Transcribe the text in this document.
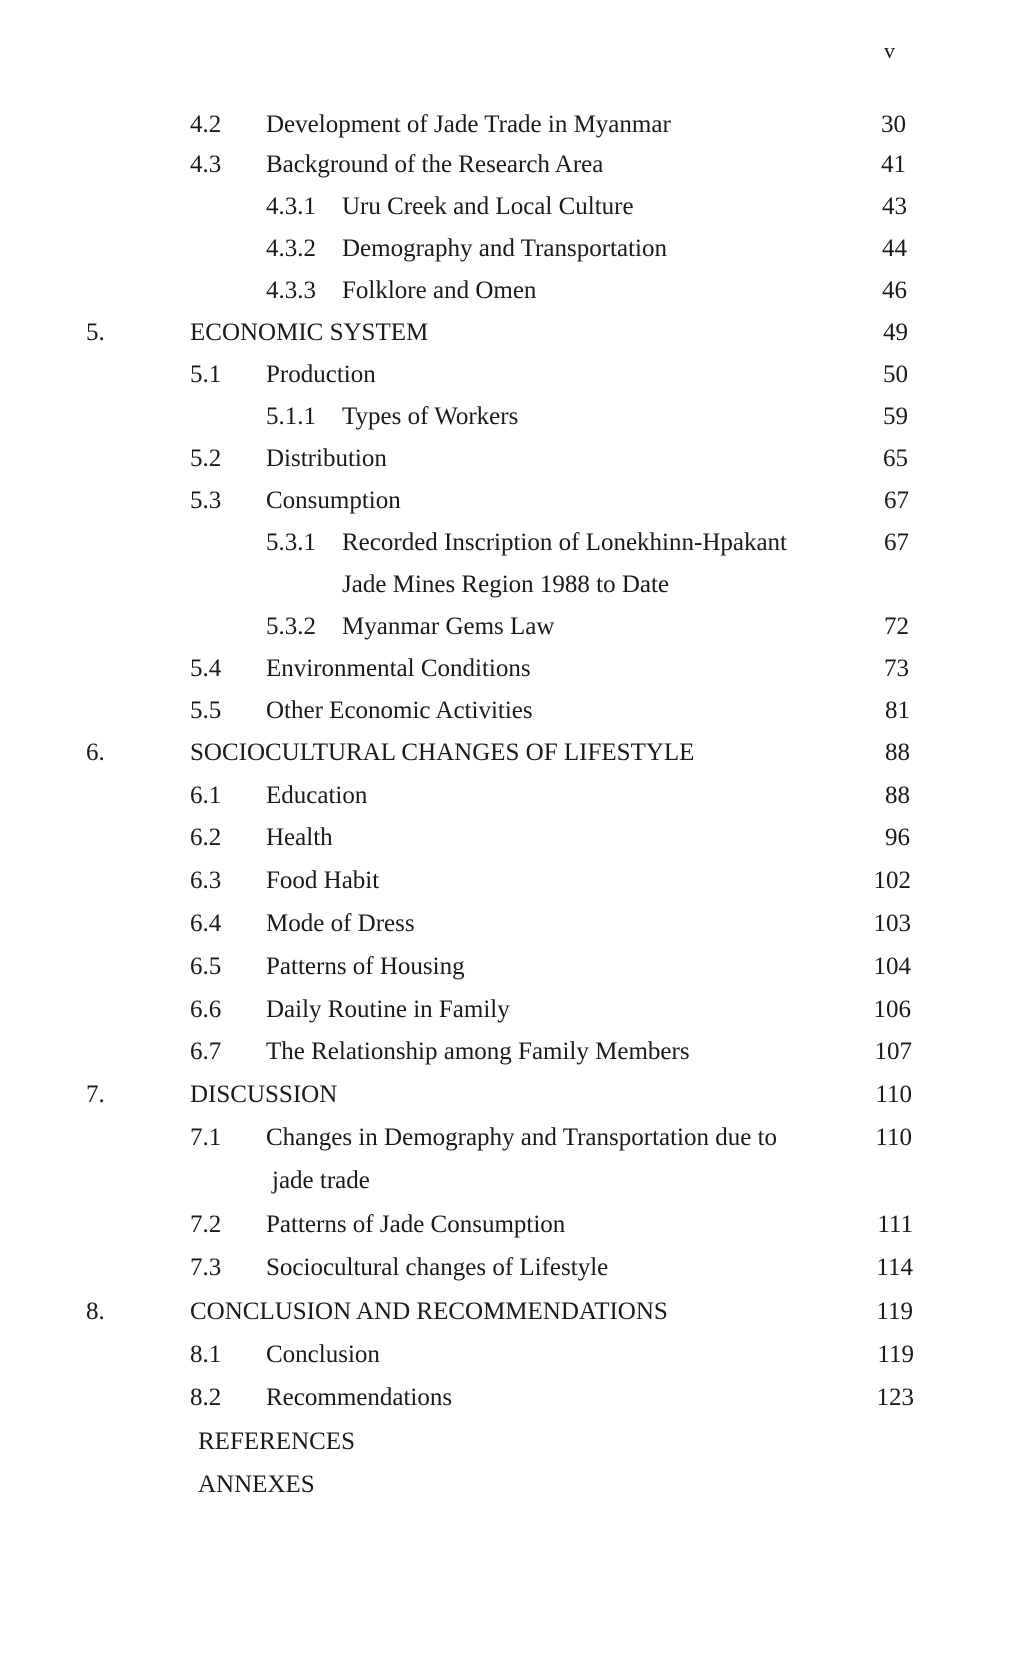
v
4.2 Development of Jade Trade in Myanmar	30
4.3 Background of the Research Area	41
4.3.1 Uru Creek and Local Culture	43
4.3.2 Demography and Transportation	44
4.3.3 Folklore and Omen	46
5.	ECONOMIC SYSTEM	49
5.1 Production	50
5.1.1 Types of Workers	59
5.2 Distribution	65
5.3 Consumption	67
5.3.1 Recorded Inscription of Lonekhinn-Hpakant	67
Jade Mines Region 1988 to Date
5.3.2 Myanmar Gems Law	72
5.4 Environmental Conditions	73
5.5 Other Economic Activities	81
6.	SOCIOCULTURAL CHANGES OF LIFESTYLE	88
6.1 Education	88
6.2 Health	96
6.3 Food Habit	102
6.4 Mode of Dress	103
6.5 Patterns of Housing	104
6.6 Daily Routine in Family	106
6.7 The Relationship among Family Members	107
7.	DISCUSSION	110
7.1 Changes in Demography and Transportation due to	110
jade trade
7.2 Patterns of Jade Consumption	111
7.3 Sociocultural changes of Lifestyle	114
8.	CONCLUSION AND RECOMMENDATIONS	119
8.1 Conclusion	119
8.2 Recommendations	123
REFERENCES
ANNEXES
